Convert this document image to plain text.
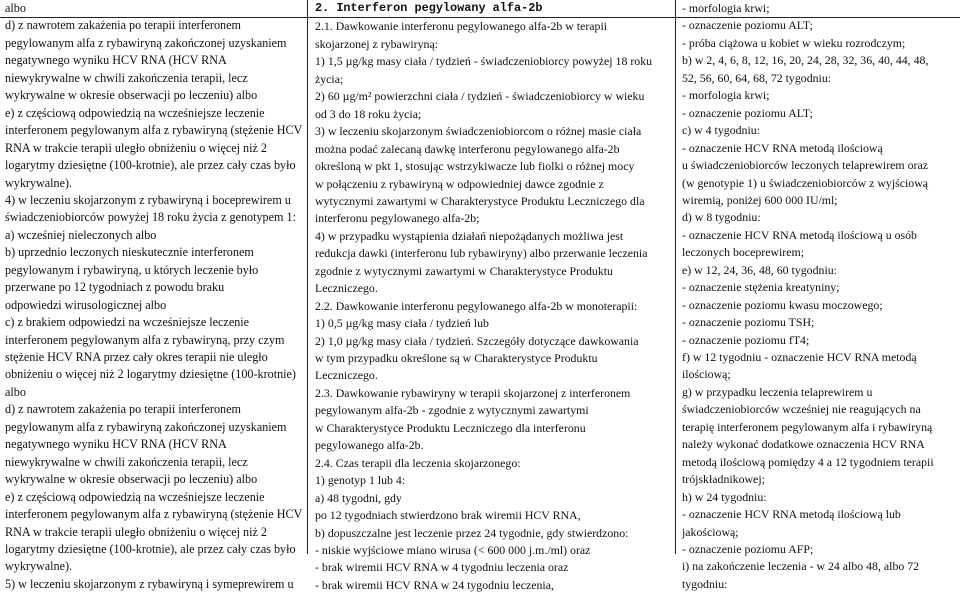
albo
d) z nawrotem zakażenia po terapii interferonem
pegylowanym alfa z rybawiryną zakończonej uzyskaniem
negatywnego wyniku HCV RNA (HCV RNA
niewykrywalne w chwili zakończenia terapii, lecz
wykrywalne w okresie obserwacji po leczeniu) albo
e) z częściową odpowiedzią na wcześniejsze leczenie
interferonem pegylowanym alfa z rybawiryną (stężenie HCV
RNA w trakcie terapii uległo obniżeniu o więcej niż 2
logarytmy dziesiętne (100-krotnie), ale przez cały czas było
wykrywalne).
4) w leczeniu skojarzonym z rybawiryną i boceprewirem u
świadczeniobiorców powyżej 18 roku życia z genotypem 1:
a) wcześniej nieleczonych albo
b) uprzednio leczonych nieskutecznie interferonem
pegylowanym i rybawiryną, u których leczenie było
przerwane po 12 tygodniach z powodu braku
odpowiedzi wirusologicznej albo
c) z brakiem odpowiedzi na wcześniejsze leczenie
interferonem pegylowanym alfa z rybawiryną, przy czym
stężenie HCV RNA przez cały okres terapii nie uległo
obniżeniu o więcej niż 2 logarytmy dziesiętne (100-krotnie)
albo
d) z nawrotem zakażenia po terapii interferonem
pegylowanym alfa z rybawiryną zakończonej uzyskaniem
negatywnego wyniku HCV RNA (HCV RNA
niewykrywalne w chwili zakończenia terapii, lecz
wykrywalne w okresie obserwacji po leczeniu) albo
e) z częściową odpowiedzią na wcześniejsze leczenie
interferonem pegylowanym alfa z rybawiryną (stężenie HCV
RNA w trakcie terapii uległo obniżeniu o więcej niż 2
logarytmy dziesiętne (100-krotnie), ale przez cały czas było
wykrywalne).
5) w leczeniu skojarzonym z rybawiryną i symeprewirem u
2. Interferon pegylowany alfa-2b
2.1. Dawkowanie interferonu pegylowanego alfa-2b w terapii
skojarzonej z rybawiryną:
1) 1,5 µg/kg masy ciała / tydzień - świadczeniobiorcy powyżej 18 roku
życia;
2) 60 µg/m² powierzchni ciała / tydzień - świadczeniobiorcy w wieku
od 3 do 18 roku życia;
3) w leczeniu skojarzonym świadczeniobiorcom o różnej masie ciała
można podać zalecaną dawkę interferonu pegylowanego alfa-2b
określoną w pkt 1, stosując wstrzykiwacze lub fiolki o różnej mocy
w połączeniu z rybawiryną w odpowiedniej dawce zgodnie z
wytycznymi zawartymi w Charakterystyce Produktu Leczniczego dla
interferonu pegylowanego alfa-2b;
4) w przypadku wystąpienia działań niepożądanych możliwa jest
redukcja dawki (interferonu lub rybawiryny) albo przerwanie leczenia
zgodnie z wytycznymi zawartymi w Charakterystyce Produktu
Leczniczego.
2.2. Dawkowanie interferonu pegylowanego alfa-2b w monoterapii:
1) 0,5 µg/kg masy ciała / tydzień lub
2) 1,0 µg/kg masy ciała / tydzień. Szczegóły dotyczące dawkowania
w tym przypadku określone są w Charakterystyce Produktu
Leczniczego.
2.3. Dawkowanie rybawiryny w terapii skojarzonej z interferonem
pegylowanym alfa-2b - zgodnie z wytycznymi zawartymi
w Charakterystyce Produktu Leczniczego dla interferonu
pegylowanego alfa-2b.
2.4. Czas terapii dla leczenia skojarzonego:
1) genotyp 1 lub 4:
a) 48 tygodni, gdy
po 12 tygodniach stwierdzono brak wiremii HCV RNA,
b) dopuszczalne jest leczenie przez 24 tygodnie, gdy stwierdzono:
- niskie wyjściowe miano wirusa (< 600 000 j.m./ml) oraz
- brak wiremii HCV RNA w 4 tygodniu leczenia oraz
- brak wiremii HCV RNA w 24 tygodniu leczenia,
- morfologia krwi;
- oznaczenie poziomu ALT;
- próba ciążowa u kobiet w wieku rozrodczym;
b) w 2, 4, 6, 8, 12, 16, 20, 24, 28, 32, 36, 40, 44, 48,
52, 56, 60, 64, 68, 72 tygodniu:
- morfologia krwi;
- oznaczenie poziomu ALT;
c) w 4 tygodniu:
- oznaczenie HCV RNA metodą ilościową
u świadczeniobiorców leczonych telaprewirem oraz
(w genotypie 1) u świadczeniobiorców z wyjściową
wiremią, poniżej 600 000 IU/ml;
d) w 8 tygodniu:
- oznaczenie HCV RNA metodą ilościową u osób
leczonych boceprewirem;
e) w 12, 24, 36, 48, 60 tygodniu:
- oznaczenie stężenia kreatyniny;
- oznaczenie poziomu kwasu moczowego;
- oznaczenie poziomu TSH;
- oznaczenie poziomu fT4;
f) w 12 tygodniu - oznaczenie HCV RNA metodą
ilościową;
g) w przypadku leczenia telaprewirem u
świadczeniobiorców wcześniej nie reagujących na
terapię interferonem pegylowanym alfa i rybawiryną
należy wykonać dodatkowe oznaczenia HCV RNA
metodą ilościową pomiędzy 4 a 12 tygodniem terapii
trójskładnikowej;
h) w 24 tygodniu:
- oznaczenie HCV RNA metodą ilościową lub
jakościową;
- oznaczenie poziomu AFP;
i) na zakończenie leczenia - w 24 albo 48, albo 72
tygodniu:
